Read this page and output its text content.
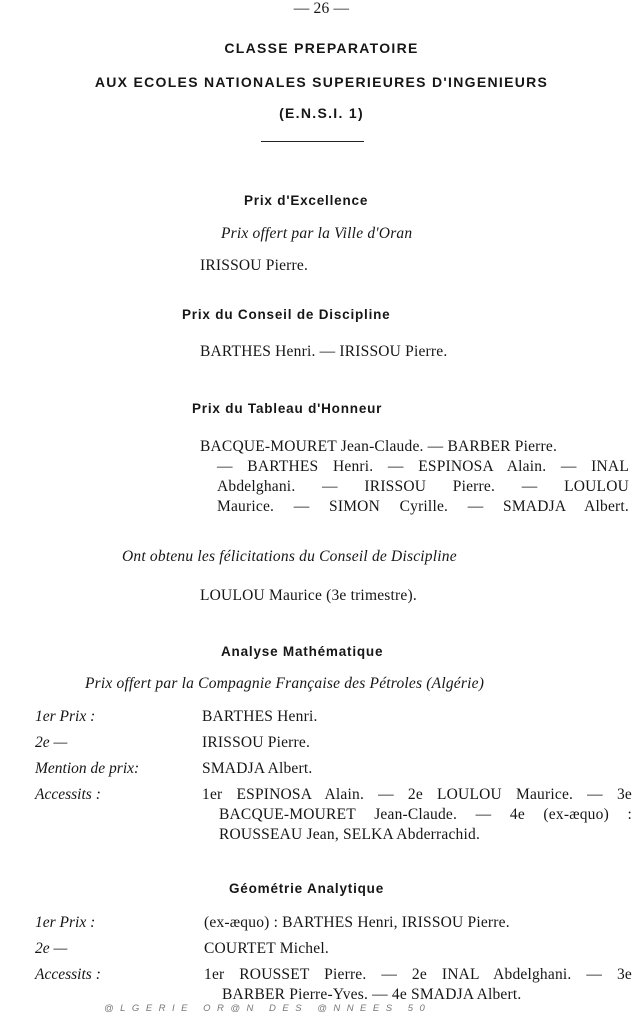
— 26 —
CLASSE PREPARATOIRE
AUX ECOLES NATIONALES SUPERIEURES D'INGENIEURS
(E.N.S.I. 1)
Prix d'Excellence
Prix offert par la Ville d'Oran
IRISSOU Pierre.
Prix du Conseil de Discipline
BARTHES Henri. — IRISSOU Pierre.
Prix du Tableau d'Honneur
BACQUE-MOURET Jean-Claude. — BARBER Pierre.
— BARTHES Henri. — ESPINOSA Alain. — INAL
Abdelghani. — IRISSOU Pierre. — LOULOU
Maurice. — SIMON Cyrille. — SMADJA Albert.
Ont obtenu les félicitations du Conseil de Discipline
LOULOU Maurice (3e trimestre).
Analyse Mathématique
Prix offert par la Compagnie Française des Pétroles (Algérie)
1er Prix :	BARTHES Henri.
2e —	IRISSOU Pierre.
Mention de prix:	SMADJA Albert.
Accessits :	1er ESPINOSA Alain. — 2e LOULOU Maurice. — 3e
BACQUE-MOURET Jean-Claude. — 4e (ex-æquo) :
ROUSSEAU Jean, SELKA Abderrachid.
Géométrie Analytique
1er Prix :	(ex-æquo) : BARTHES Henri, IRISSOU Pierre.
2e —	COURTET Michel.
Accessits :	1er ROUSSET Pierre. — 2e INAL Abdelghani. — 3e
BARBER Pierre-Yves. — 4e SMADJA Albert.
@LGERIE OR@N DES @NNEES 50
